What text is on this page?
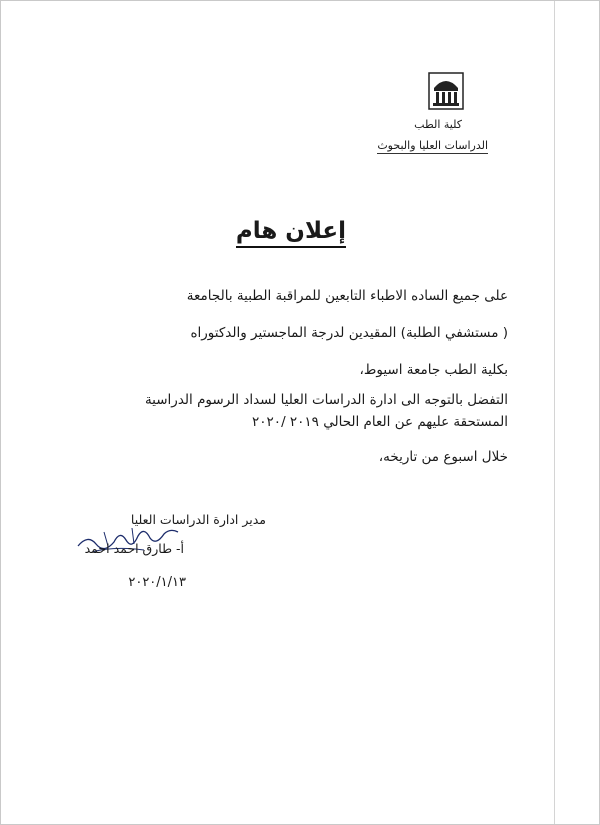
كلية الطب
الدراسات العليا والبحوث
إعلان هام
على جميع الساده الاطباء التابعين للمراقبة الطبية بالجامعة
( مستشفي الطلبة) المقيدين لدرجة الماجستير والدكتوراه
بكلية الطب جامعة اسيوط،
التفضل بالتوجه الى ادارة الدراسات العليا لسداد الرسوم الدراسية
المستحقة عليهم عن العام الحالي ٢٠١٩ /٢٠٢٠
خلال اسبوع من تاريخه،
مدير ادارة الدراسات العليا
أ- طارق احمد احمد
٢٠٢٠/١/١٣
